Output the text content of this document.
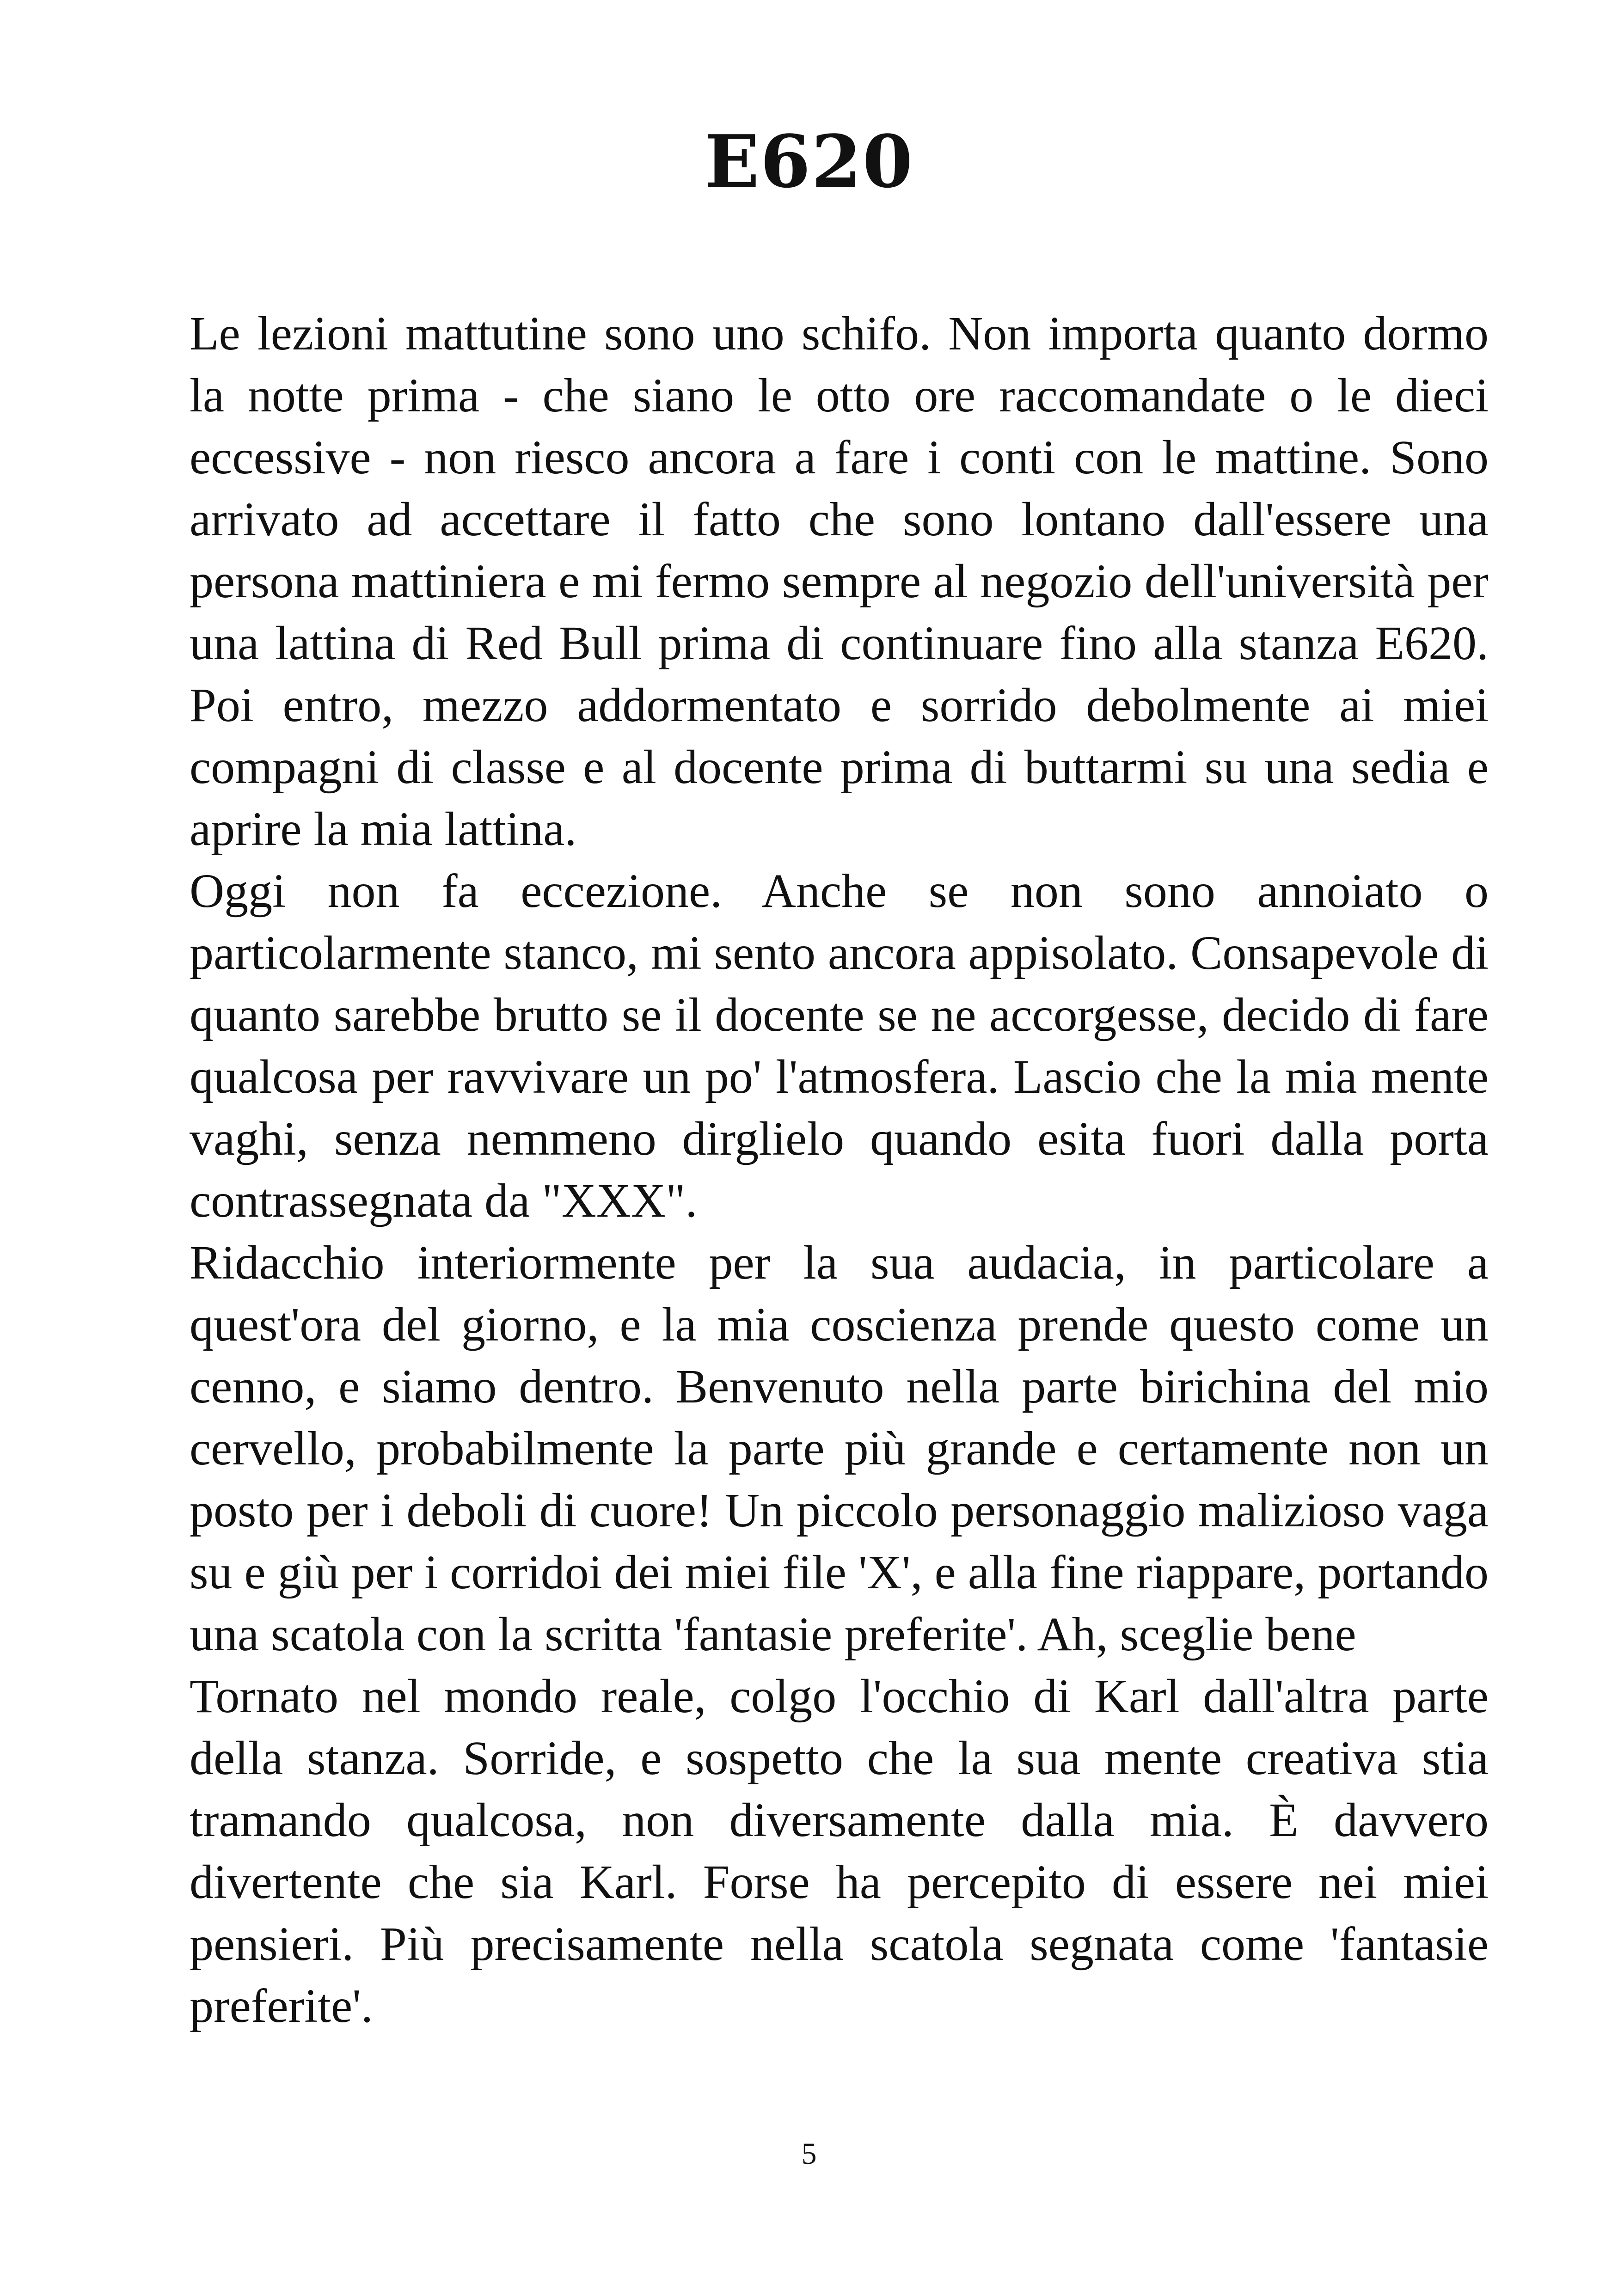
E620

Le lezioni mattutine sono uno schifo. Non importa quanto dormo la notte prima - che siano le otto ore raccomandate o le dieci eccessive - non riesco ancora a fare i conti con le mattine. Sono arrivato ad accettare il fatto che sono lontano dall'essere una persona mattiniera e mi fermo sempre al negozio dell'università per una lattina di Red Bull prima di continuare fino alla stanza E620. Poi entro, mezzo addormentato e sorrido debolmente ai miei compagni di classe e al docente prima di buttarmi su una sedia e aprire la mia lattina.

Oggi non fa eccezione. Anche se non sono annoiato o particolarmente stanco, mi sento ancora appisolato. Consapevole di quanto sarebbe brutto se il docente se ne accorgesse, decido di fare qualcosa per ravvivare un po' l'atmosfera. Lascio che la mia mente vaghi, senza nemmeno dirglielo quando esita fuori dalla porta contrassegnata da "XXX".

Ridacchio interiormente per la sua audacia, in particolare a quest'ora del giorno, e la mia coscienza prende questo come un cenno, e siamo dentro. Benvenuto nella parte birichina del mio cervello, probabilmente la parte più grande e certamente non un posto per i deboli di cuore! Un piccolo personaggio malizioso vaga su e giù per i corridoi dei miei file 'X', e alla fine riappare, portando una scatola con la scritta 'fantasie preferite'. Ah, sceglie bene

Tornato nel mondo reale, colgo l'occhio di Karl dall'altra parte della stanza. Sorride, e sospetto che la sua mente creativa stia tramando qualcosa, non diversamente dalla mia. È davvero divertente che sia Karl. Forse ha percepito di essere nei miei pensieri. Più precisamente nella scatola segnata come 'fantasie preferite'.

5
